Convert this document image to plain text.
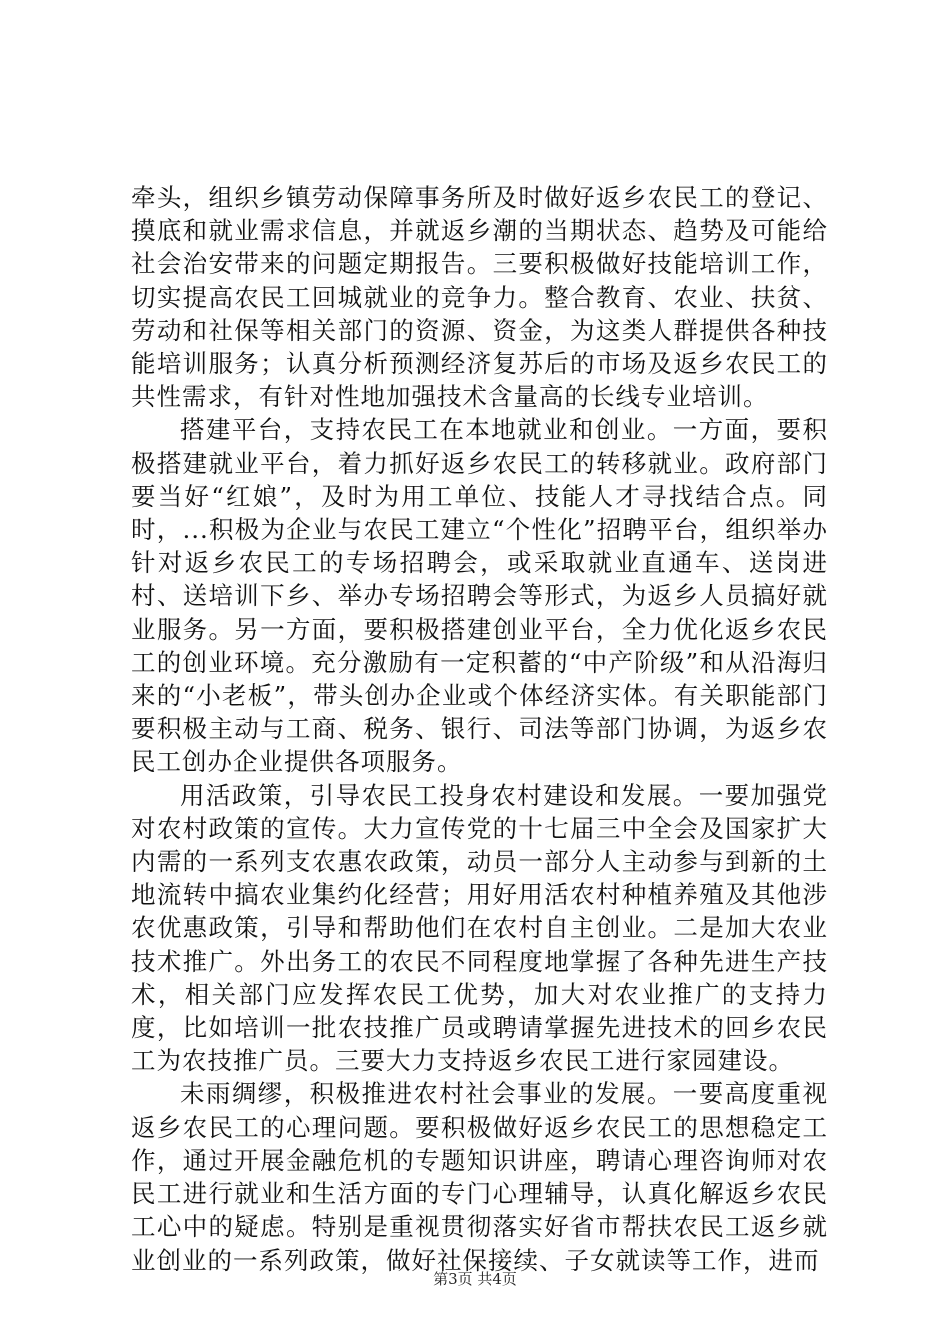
牵头，组织乡镇劳动保障事务所及时做好返乡农民工的登记、摸底和就业需求信息，并就返乡潮的当期状态、趋势及可能给社会治安带来的问题定期报告。三要积极做好技能培训工作，切实提高农民工回城就业的竞争力。整合教育、农业、扶贫、劳动和社保等相关部门的资源、资金，为这类人群提供各种技能培训服务；认真分析预测经济复苏后的市场及返乡农民工的共性需求，有针对性地加强技术含量高的长线专业培训。

搭建平台，支持农民工在本地就业和创业。一方面，要积极搭建就业平台，着力抓好返乡农民工的转移就业。政府部门要当好“红娘”，及时为用工单位、技能人才寻找结合点。同时，...积极为企业与农民工建立“个性化”招聘平台，组织举办针对返乡农民工的专场招聘会，或采取就业直通车、送岗进村、送培训下乡、举办专场招聘会等形式，为返乡人员搞好就业服务。另一方面，要积极搭建创业平台，全力优化返乡农民工的创业环境。充分激励有一定积蓄的“中产阶级”和从沿海归来的“小老板”，带头创办企业或个体经济实体。有关职能部门要积极主动与工商、税务、银行、司法等部门协调，为返乡农民工创办企业提供各项服务。

用活政策，引导农民工投身农村建设和发展。一要加强党对农村政策的宣传。大力宣传党的十七届三中全会及国家扩大内需的一系列支农惠农政策，动员一部分人主动参与到新的土地流转中搞农业集约化经营；用好用活农村种植养殖及其他涉农优惠政策，引导和帮助他们在农村自主创业。二是加大农业技术推广。外出务工的农民不同程度地掌握了各种先进生产技术，相关部门应发挥农民工优势，加大对农业推广的支持力度，比如培训一批农技推广员或聘请掌握先进技术的回乡农民工为农技推广员。三要大力支持返乡农民工进行家园建设。

未雨绸缪，积极推进农村社会事业的发展。一要高度重视返乡农民工的心理问题。要积极做好返乡农民工的思想稳定工作，通过开展金融危机的专题知识讲座，聘请心理咨询师对农民工进行就业和生活方面的专门心理辅导，认真化解返乡农民工心中的疑虑。特别是重视贯彻落实好省市帮扶农民工返乡就业创业的一系列政策，做好社保接续、子女就读等工作，进而

第3页 共4页
